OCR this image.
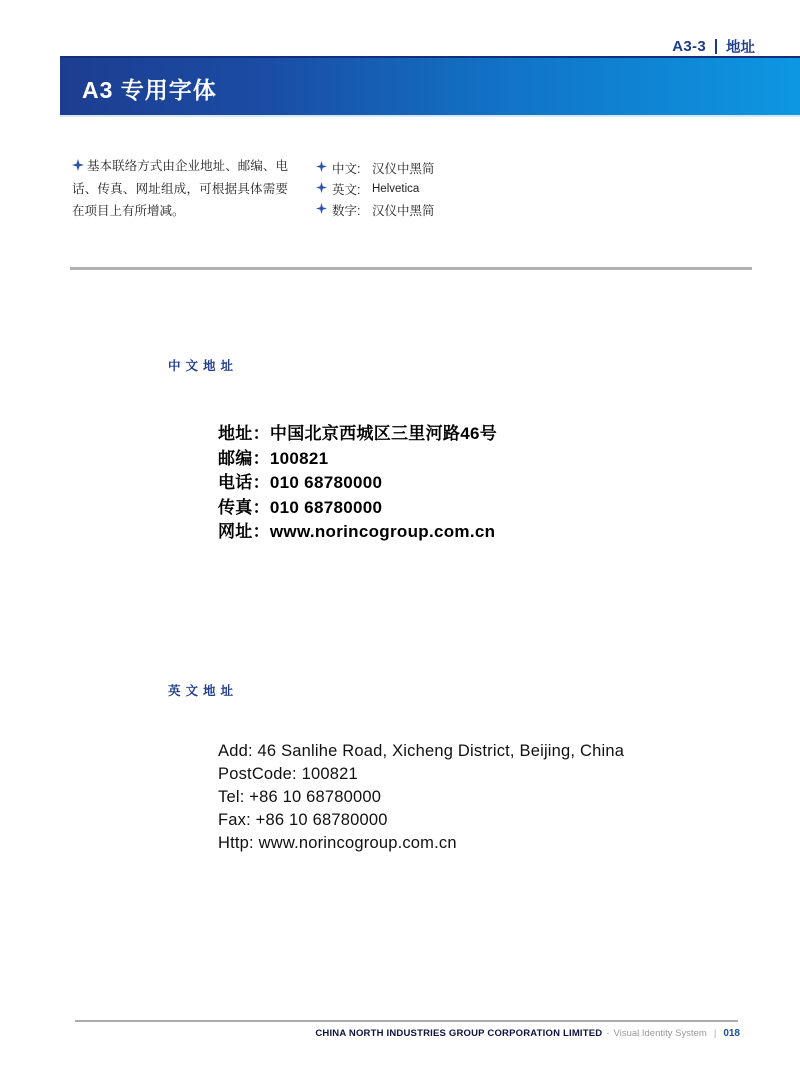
A3-3 地址
A3 专用字体

基本联络方式由企业地址、邮编、电话、传真、网址组成，可根据具体需要在项目上有所增减。

中文: 汉仪中黑简
英文:	Helvetica
数字: 汉仪中黑简
中文地址
地址：中国北京西城区三里河路46号
邮编：100821
电话：010 68780000
传真：010 68780000
网址：www.norincogroup.com.cn
英文地址
Add: 46 Sanlihe Road, Xicheng District, Beijing, China
PostCode: 100821
Tel: +86 10 68780000
Fax: +86 10 68780000
Http: www.norincogroup.com.cn
CHINA NORTH INDUSTRIES GROUP CORPORATION LIMITED · Visual Identity System | 018
